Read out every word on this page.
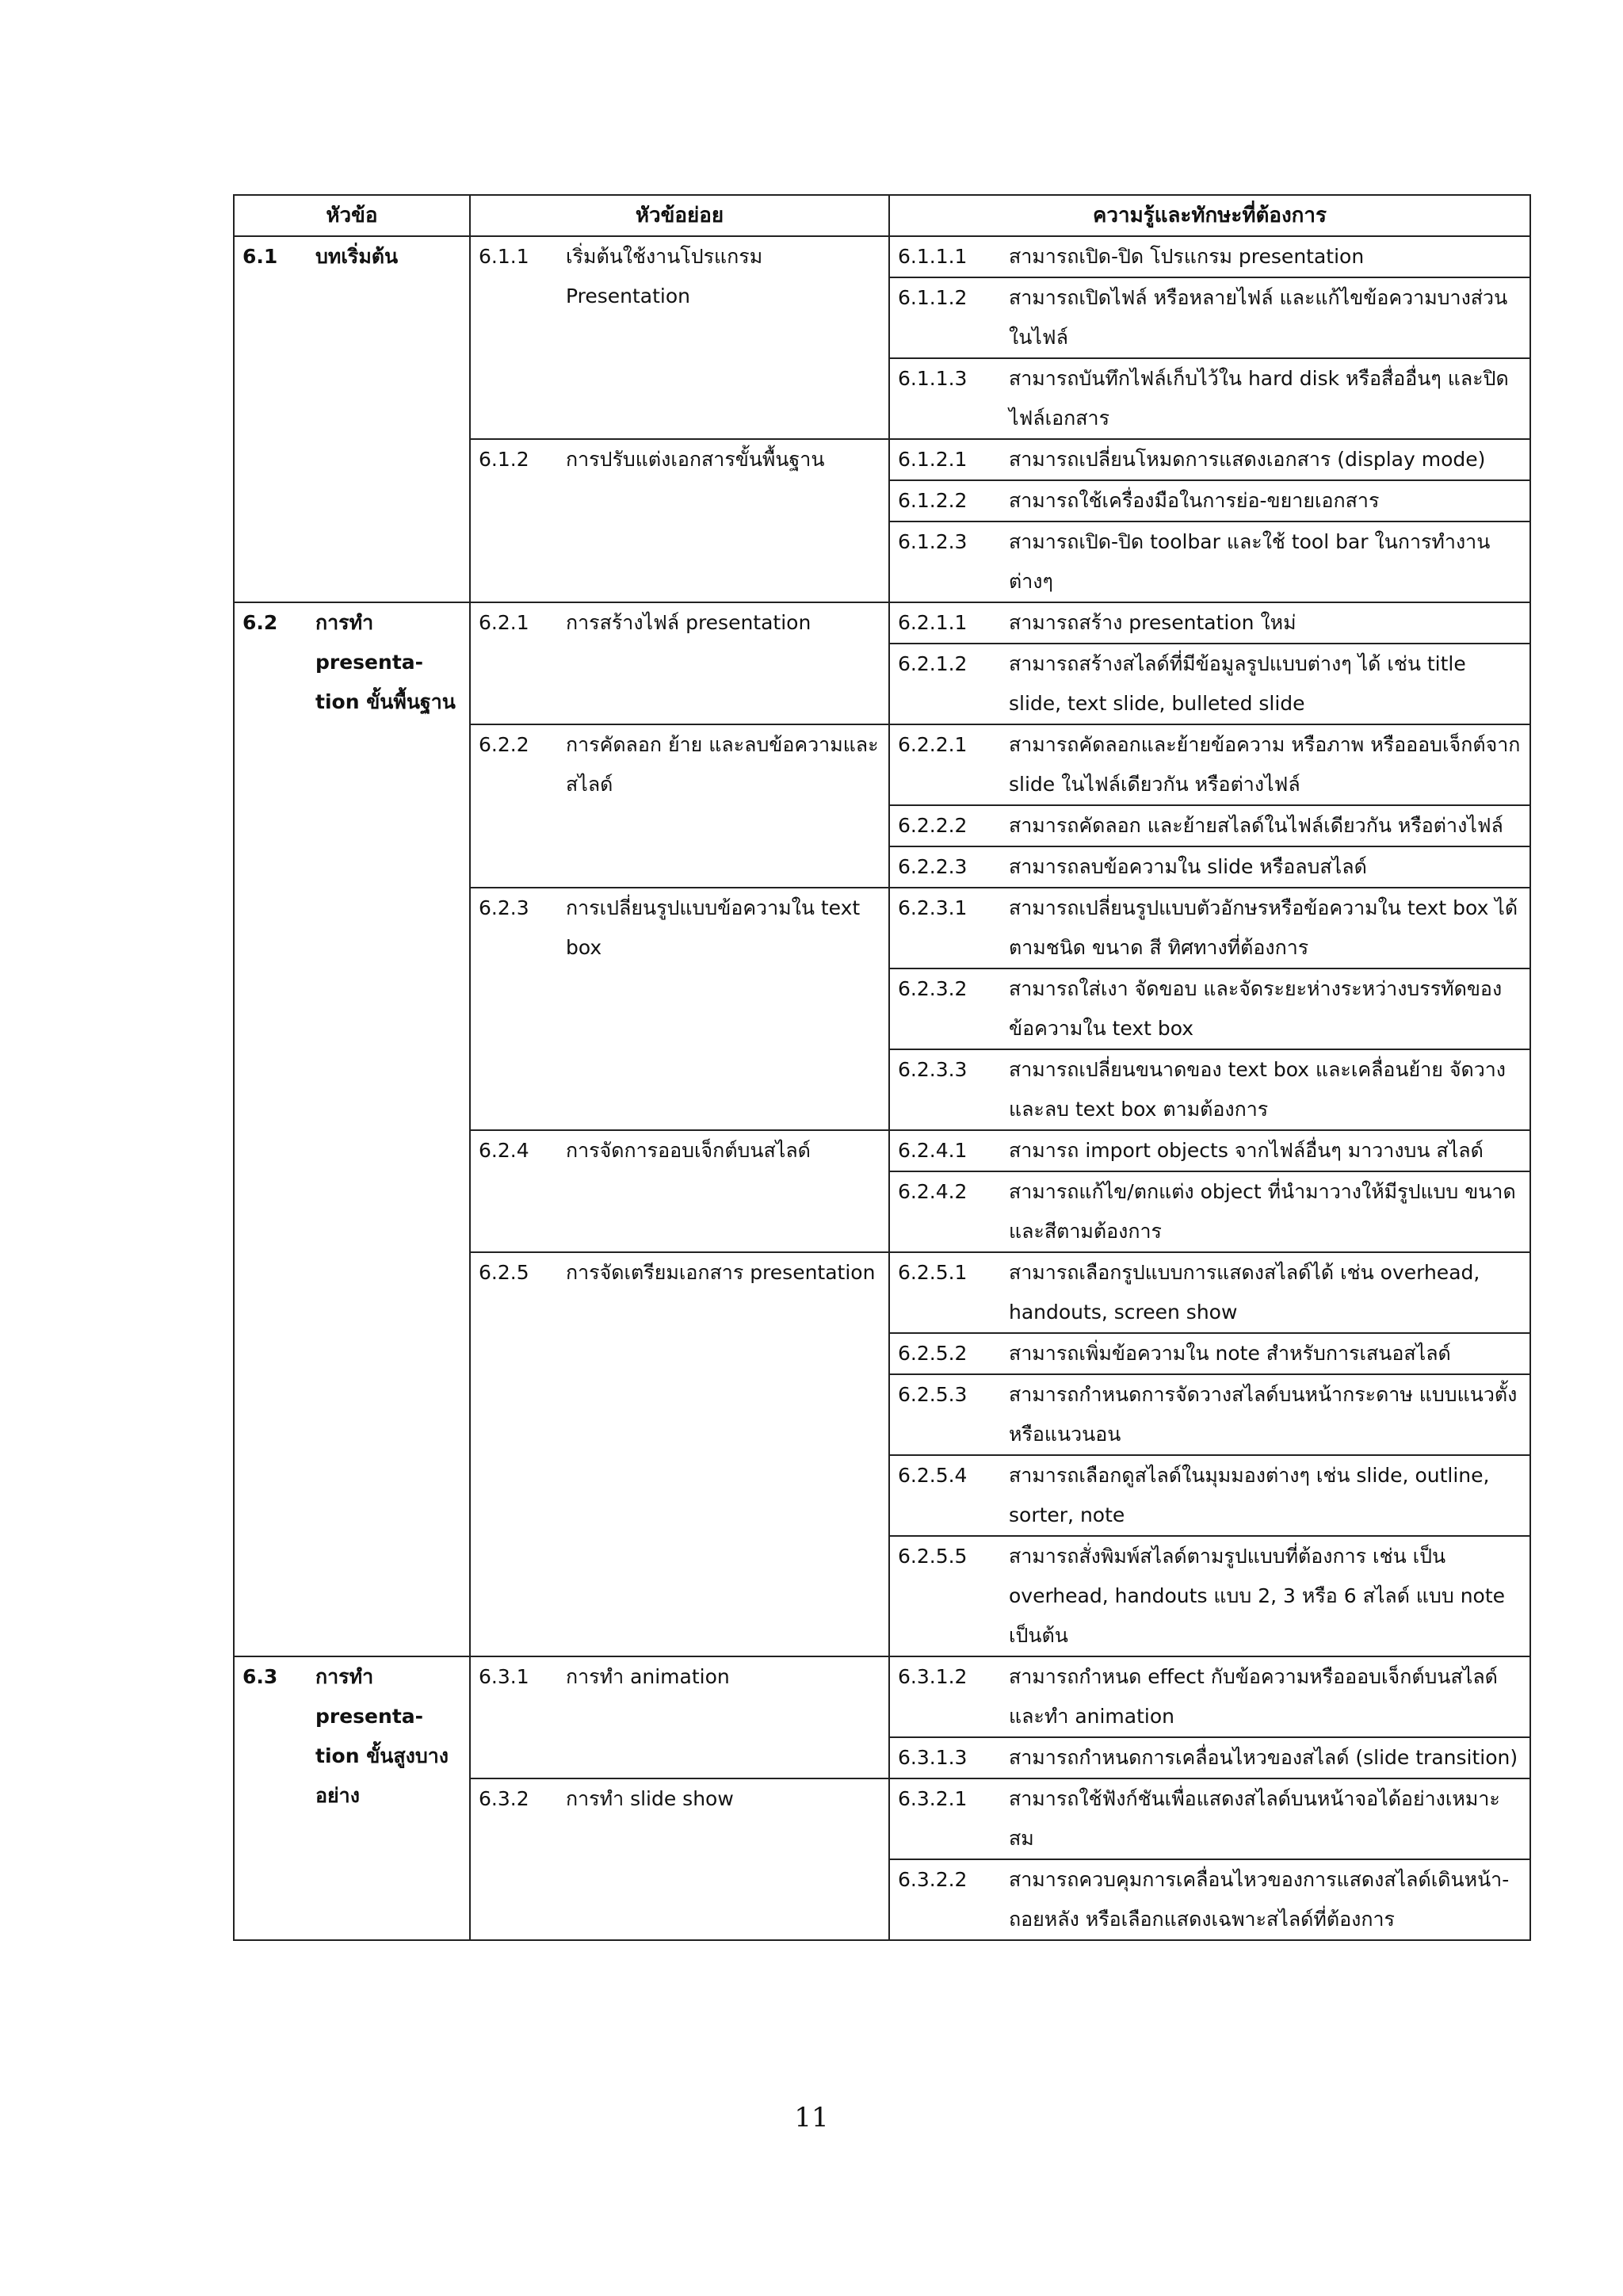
หัวข้อ	หัวข้อย่อย	ความรู้และทักษะที่ต้องการ

6.1 บทเริ่มต้น	6.1.1 เริ่มต้นใช้งานโปรแกรม Presentation	6.1.1.1 สามารถเปิด-ปิด โปรแกรม presentation

		6.1.1.2 สามารถเปิดไฟล์ หรือหลายไฟล์ และแก้ไขข้อความบางส่วนในไฟล์

		6.1.1.3 สามารถบันทึกไฟล์เก็บไว้ใน hard disk หรือสื่ออื่นๆ และปิดไฟล์เอกสาร

	6.1.2 การปรับแต่งเอกสารขั้นพื้นฐาน	6.1.2.1 สามารถเปลี่ยนโหมดการแสดงเอกสาร (display mode)

		6.1.2.2 สามารถใช้เครื่องมือในการย่อ-ขยายเอกสาร

		6.1.2.3 สามารถเปิด-ปิด toolbar และใช้ tool bar ในการทำงานต่างๆ

6.2 การทำ presenta-tion ขั้นพื้นฐาน	6.2.1 การสร้างไฟล์ presentation	6.2.1.1 สามารถสร้าง presentation ใหม่

		6.2.1.2 สามารถสร้างสไลด์ที่มีข้อมูลรูปแบบต่างๆ ได้ เช่น title slide, text slide, bulleted slide

	6.2.2 การคัดลอก ย้าย และลบข้อความและสไลด์	6.2.2.1 สามารถคัดลอกและย้ายข้อความ หรือภาพ หรือออบเจ็กต์จาก slide ในไฟล์เดียวกัน หรือต่างไฟล์

		6.2.2.2 สามารถคัดลอก และย้ายสไลด์ในไฟล์เดียวกัน หรือต่างไฟล์

		6.2.2.3 สามารถลบข้อความใน slide หรือลบสไลด์

	6.2.3 การเปลี่ยนรูปแบบข้อความใน text box	6.2.3.1 สามารถเปลี่ยนรูปแบบตัวอักษรหรือข้อความใน text box ได้ ตามชนิด ขนาด สี ทิศทางที่ต้องการ

		6.2.3.2 สามารถใส่เงา จัดขอบ และจัดระยะห่างระหว่างบรรทัดของข้อความใน text box

		6.2.3.3 สามารถเปลี่ยนขนาดของ text box และเคลื่อนย้าย จัดวาง และลบ text box ตามต้องการ

	6.2.4 การจัดการออบเจ็กต์บนสไลด์	6.2.4.1 สามารถ import objects จากไฟล์อื่นๆ มาวางบน สไลด์

		6.2.4.2 สามารถแก้ไข/ตกแต่ง object ที่นำมาวางให้มีรูปแบบ ขนาด และสีตามต้องการ

	6.2.5 การจัดเตรียมเอกสาร presentation	6.2.5.1 สามารถเลือกรูปแบบการแสดงสไลด์ได้ เช่น overhead, handouts, screen show

		6.2.5.2 สามารถเพิ่มข้อความใน note สำหรับการเสนอสไลด์

		6.2.5.3 สามารถกำหนดการจัดวางสไลด์บนหน้ากระดาษ แบบแนวตั้งหรือแนวนอน

		6.2.5.4 สามารถเลือกดูสไลด์ในมุมมองต่างๆ เช่น slide, outline, sorter, note

		6.2.5.5 สามารถสั่งพิมพ์สไลด์ตามรูปแบบที่ต้องการ เช่น เป็น overhead, handouts แบบ 2, 3 หรือ 6 สไลด์ แบบ note เป็นต้น

6.3 การทำ presenta-tion ขั้นสูงบางอย่าง	6.3.1 การทำ animation	6.3.1.2 สามารถกำหนด effect กับข้อความหรือออบเจ็กต์บนสไลด์ และทำ animation

		6.3.1.3 สามารถกำหนดการเคลื่อนไหวของสไลด์ (slide transition)

	6.3.2 การทำ slide show	6.3.2.1 สามารถใช้ฟังก์ชันเพื่อแสดงสไลด์บนหน้าจอได้อย่างเหมาะสม

		6.3.2.2 สามารถควบคุมการเคลื่อนไหวของการแสดงสไลด์เดินหน้า-ถอยหลัง หรือเลือกแสดงเฉพาะสไลด์ที่ต้องการ
11
